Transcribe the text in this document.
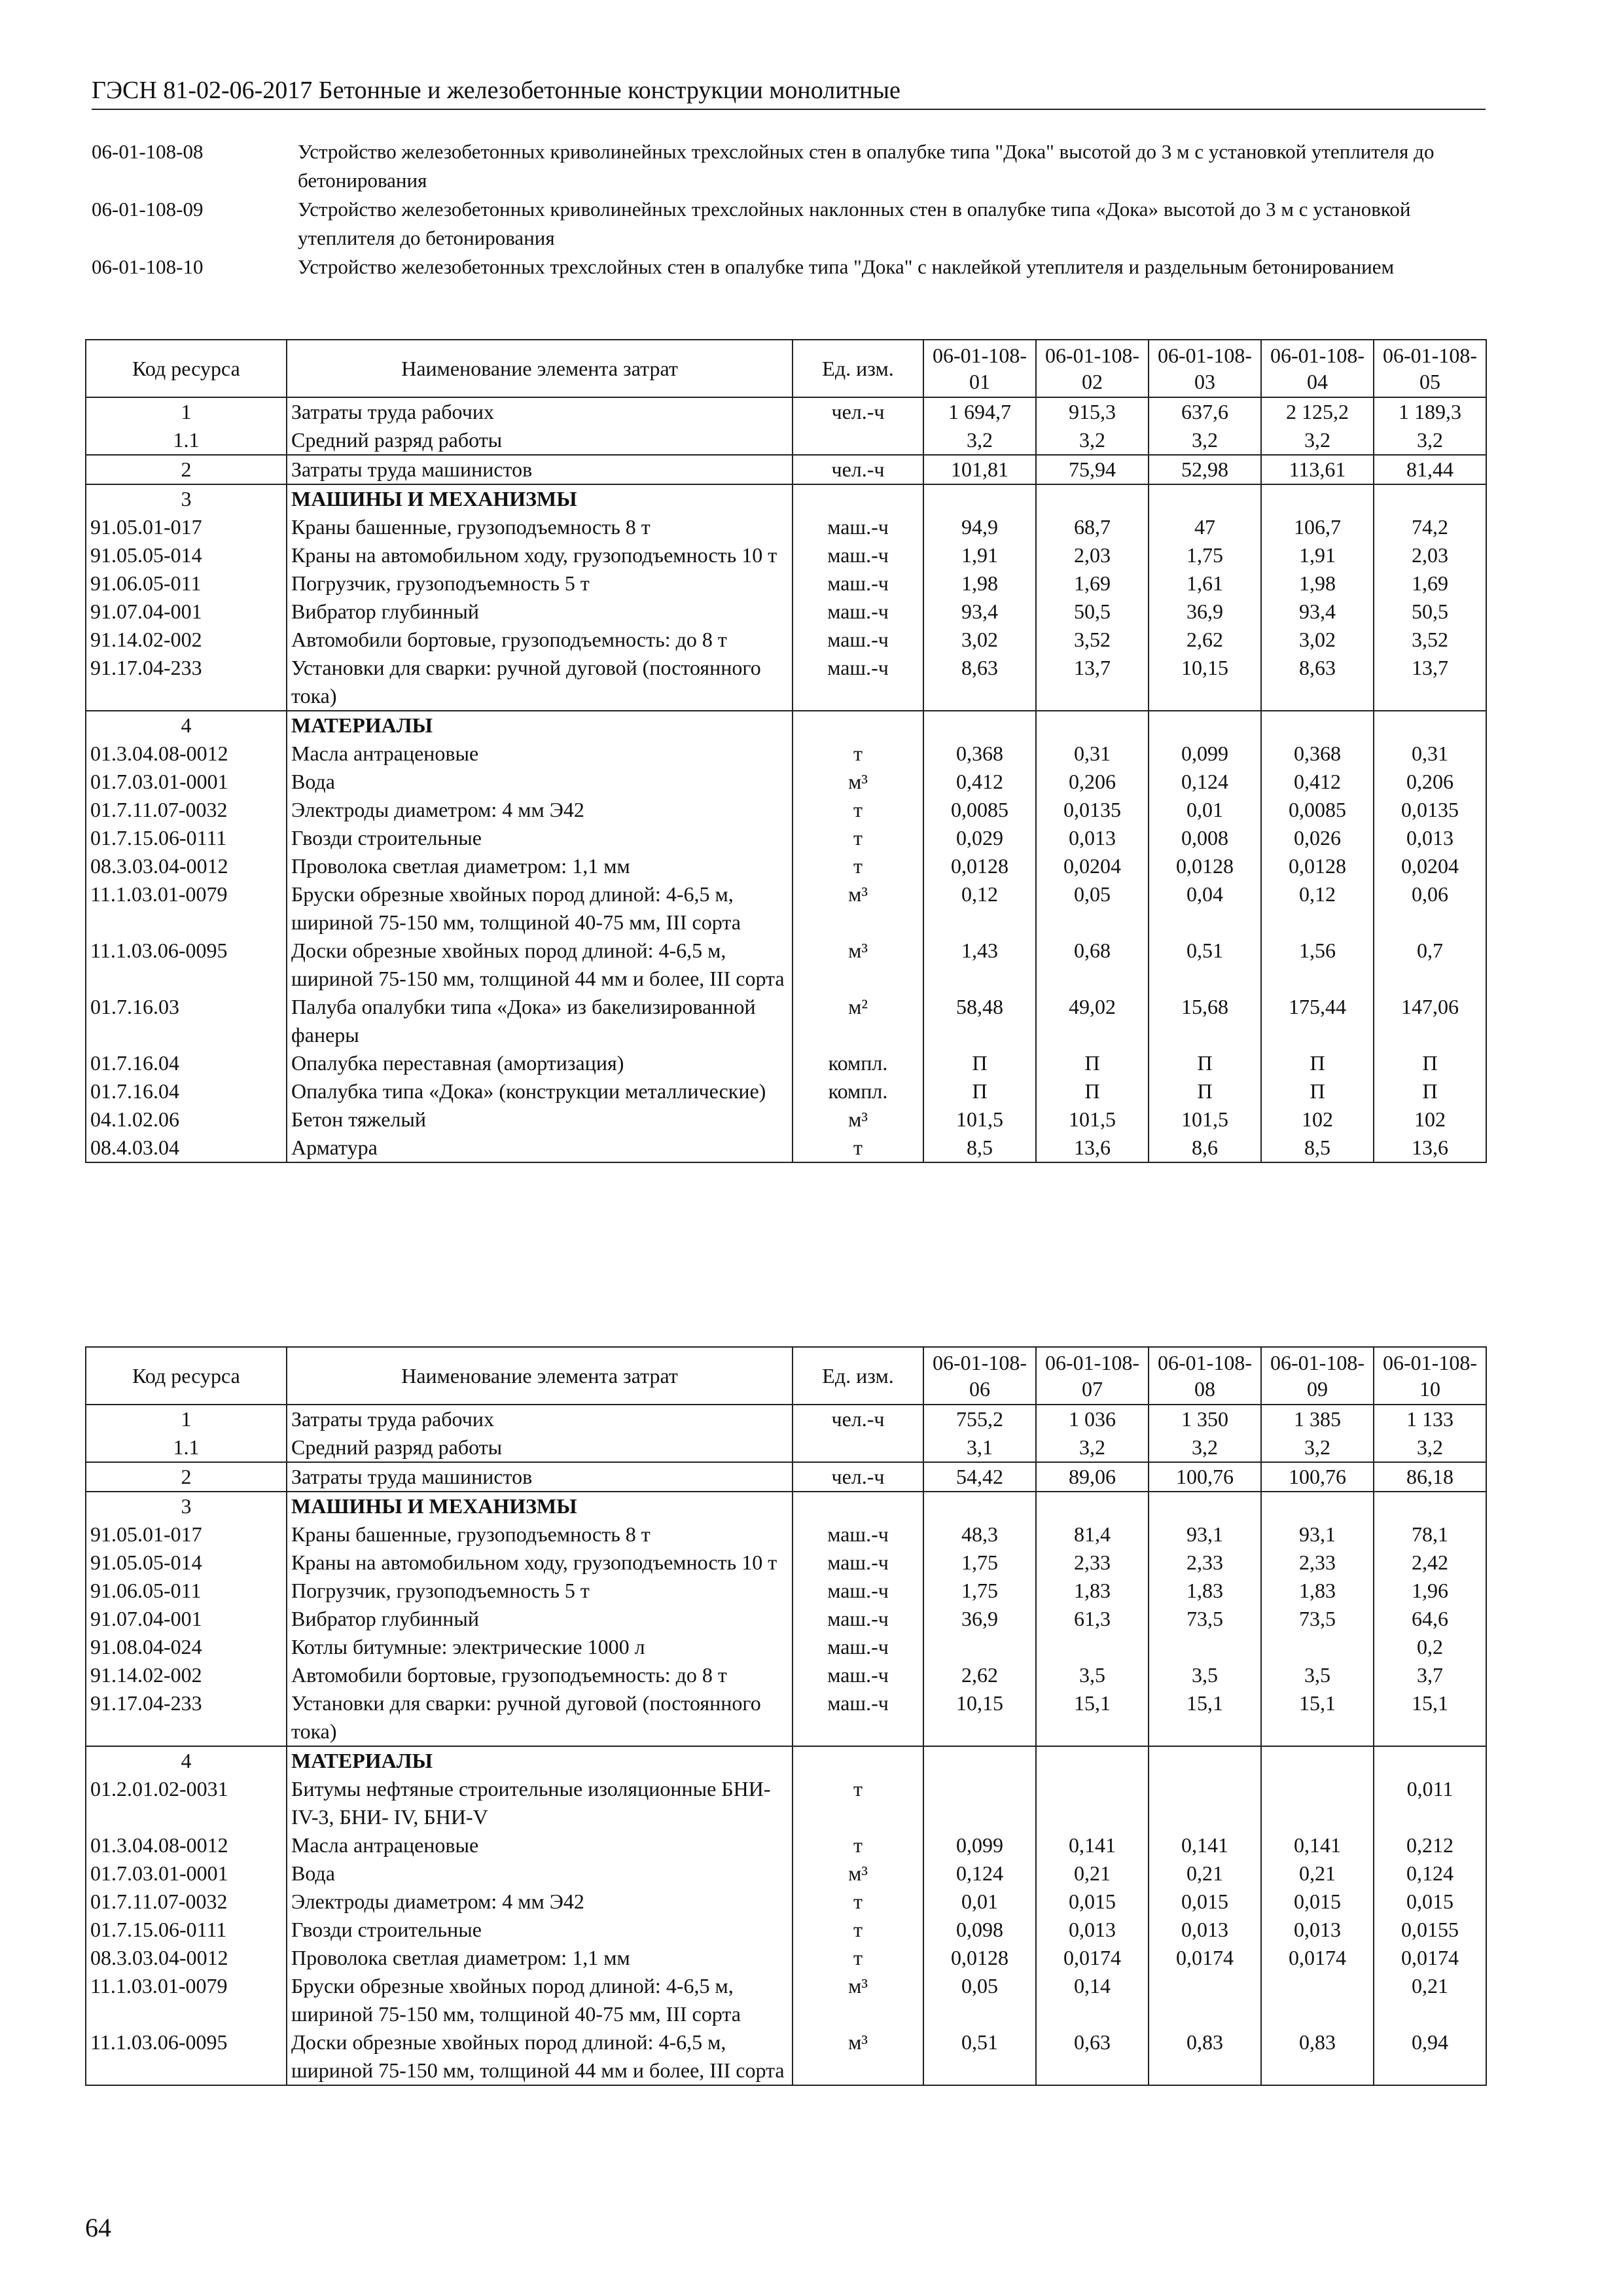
ГЭСН 81-02-06-2017 Бетонные и железобетонные конструкции монолитные
06-01-108-08	Устройство железобетонных криволинейных трехслойных стен в опалубке типа "Дока" высотой до 3 м с установкой утеплителя до бетонирования
06-01-108-09	Устройство железобетонных криволинейных трехслойных наклонных стен в опалубке типа «Дока» высотой до 3 м с установкой утеплителя до бетонирования
06-01-108-10	Устройство железобетонных трехслойных стен в опалубке типа "Дока" с наклейкой утеплителя и раздельным бетонированием
Код ресурса	Наименование элемента затрат	Ед. изм.	06-01-108-01	06-01-108-02	06-01-108-03	06-01-108-04	06-01-108-05
1	Затраты труда рабочих	чел.-ч	1 694,7	915,3	637,6	2 125,2	1 189,3
1.1	Средний разряд работы		3,2	3,2	3,2	3,2	3,2
2	Затраты труда машинистов	чел.-ч	101,81	75,94	52,98	113,61	81,44
3	МАШИНЫ И МЕХАНИЗМЫ						
91.05.01-017	Краны башенные, грузоподъемность 8 т	маш.-ч	94,9	68,7	47	106,7	74,2
91.05.05-014	Краны на автомобильном ходу, грузоподъемность 10 т	маш.-ч	1,91	2,03	1,75	1,91	2,03
91.06.05-011	Погрузчик, грузоподъемность 5 т	маш.-ч	1,98	1,69	1,61	1,98	1,69
91.07.04-001	Вибратор глубинный	маш.-ч	93,4	50,5	36,9	93,4	50,5
91.14.02-002	Автомобили бортовые, грузоподъемность: до 8 т	маш.-ч	3,02	3,52	2,62	3,02	3,52
91.17.04-233	Установки для сварки: ручной дуговой (постоянного тока)	маш.-ч	8,63	13,7	10,15	8,63	13,7
4	МАТЕРИАЛЫ						
01.3.04.08-0012	Масла антраценовые	т	0,368	0,31	0,099	0,368	0,31
01.7.03.01-0001	Вода	м³	0,412	0,206	0,124	0,412	0,206
01.7.11.07-0032	Электроды диаметром: 4 мм Э42	т	0,0085	0,0135	0,01	0,0085	0,0135
01.7.15.06-0111	Гвозди строительные	т	0,029	0,013	0,008	0,026	0,013
08.3.03.04-0012	Проволока светлая диаметром: 1,1 мм	т	0,0128	0,0204	0,0128	0,0128	0,0204
11.1.03.01-0079	Бруски обрезные хвойных пород длиной: 4-6,5 м, шириной 75-150 мм, толщиной 40-75 мм, III сорта	м³	0,12	0,05	0,04	0,12	0,06
11.1.03.06-0095	Доски обрезные хвойных пород длиной: 4-6,5 м, шириной 75-150 мм, толщиной 44 мм и более, III сорта	м³	1,43	0,68	0,51	1,56	0,7
01.7.16.03	Палуба опалубки типа «Дока» из бакелизированной фанеры	м²	58,48	49,02	15,68	175,44	147,06
01.7.16.04	Опалубка переставная (амортизация)	компл.	П	П	П	П	П
01.7.16.04	Опалубка типа «Дока» (конструкции металлические)	компл.	П	П	П	П	П
04.1.02.06	Бетон тяжелый	м³	101,5	101,5	101,5	102	102
08.4.03.04	Арматура	т	8,5	13,6	8,6	8,5	13,6
Код ресурса	Наименование элемента затрат	Ед. изм.	06-01-108-06	06-01-108-07	06-01-108-08	06-01-108-09	06-01-108-10
1	Затраты труда рабочих	чел.-ч	755,2	1 036	1 350	1 385	1 133
1.1	Средний разряд работы		3,1	3,2	3,2	3,2	3,2
2	Затраты труда машинистов	чел.-ч	54,42	89,06	100,76	100,76	86,18
3	МАШИНЫ И МЕХАНИЗМЫ						
91.05.01-017	Краны башенные, грузоподъемность 8 т	маш.-ч	48,3	81,4	93,1	93,1	78,1
91.05.05-014	Краны на автомобильном ходу, грузоподъемность 10 т	маш.-ч	1,75	2,33	2,33	2,33	2,42
91.06.05-011	Погрузчик, грузоподъемность 5 т	маш.-ч	1,75	1,83	1,83	1,83	1,96
91.07.04-001	Вибратор глубинный	маш.-ч	36,9	61,3	73,5	73,5	64,6
91.08.04-024	Котлы битумные: электрические 1000 л	маш.-ч					0,2
91.14.02-002	Автомобили бортовые, грузоподъемность: до 8 т	маш.-ч	2,62	3,5	3,5	3,5	3,7
91.17.04-233	Установки для сварки: ручной дуговой (постоянного тока)	маш.-ч	10,15	15,1	15,1	15,1	15,1
4	МАТЕРИАЛЫ						
01.2.01.02-0031	Битумы нефтяные строительные изоляционные БНИ-IV-3, БНИ- IV, БНИ-V	т					0,011
01.3.04.08-0012	Масла антраценовые	т	0,099	0,141	0,141	0,141	0,212
01.7.03.01-0001	Вода	м³	0,124	0,21	0,21	0,21	0,124
01.7.11.07-0032	Электроды диаметром: 4 мм Э42	т	0,01	0,015	0,015	0,015	0,015
01.7.15.06-0111	Гвозди строительные	т	0,098	0,013	0,013	0,013	0,0155
08.3.03.04-0012	Проволока светлая диаметром: 1,1 мм	т	0,0128	0,0174	0,0174	0,0174	0,0174
11.1.03.01-0079	Бруски обрезные хвойных пород длиной: 4-6,5 м, шириной 75-150 мм, толщиной 40-75 мм, III сорта	м³	0,05	0,14			0,21
11.1.03.06-0095	Доски обрезные хвойных пород длиной: 4-6,5 м, шириной 75-150 мм, толщиной 44 мм и более, III сорта	м³	0,51	0,63	0,83	0,83	0,94
64
